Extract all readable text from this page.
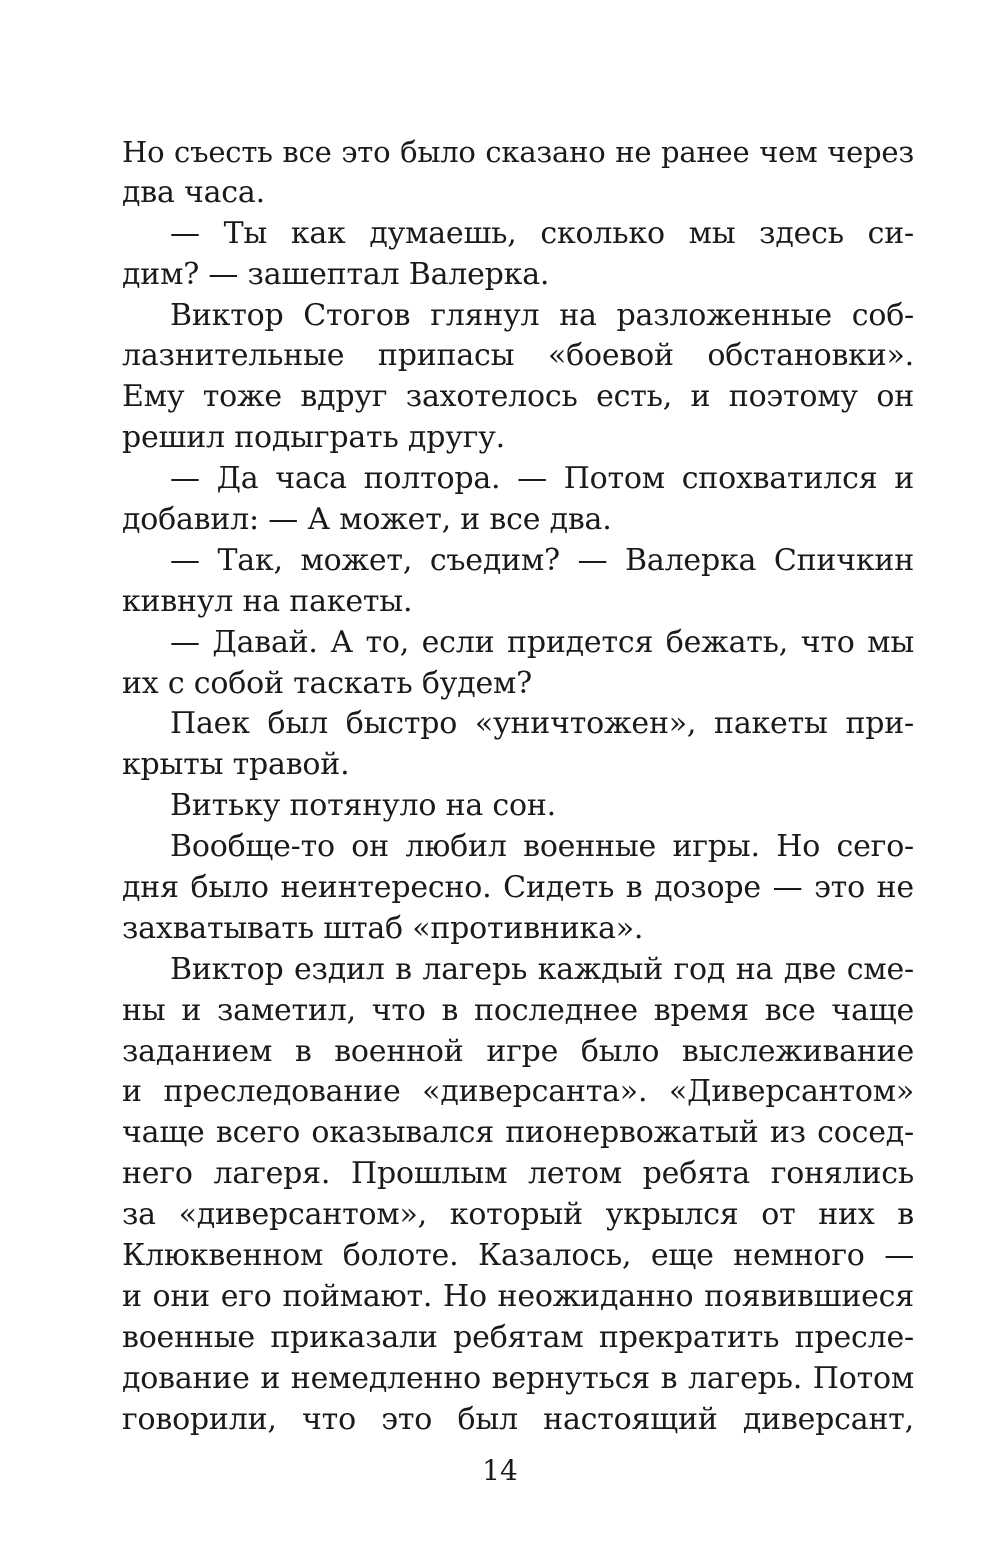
Но съесть все это было сказано не ранее чем через
два часа.
— Ты как думаешь, сколько мы здесь си-
дим? — зашептал Валерка.
Виктор Стогов глянул на разложенные соб-
лазнительные припасы «боевой обстановки».
Ему тоже вдруг захотелось есть, и поэтому он
решил подыграть другу.
— Да часа полтора. — Потом спохватился и
добавил: — А может, и все два.
— Так, может, съедим? — Валерка Спичкин
кивнул на пакеты.
— Давай. А то, если придется бежать, что мы
их с собой таскать будем?
Паек был быстро «уничтожен», пакеты при-
крыты травой.
Витьку потянуло на сон.
Вообще-то он любил военные игры. Но сего-
дня было неинтересно. Сидеть в дозоре — это не
захватывать штаб «противника».
Виктор ездил в лагерь каждый год на две сме-
ны и заметил, что в последнее время все чаще
заданием в военной игре было выслеживание
и преследование «диверсанта». «Диверсантом»
чаще всего оказывался пионервожатый из сосед-
него лагеря. Прошлым летом ребята гонялись
за «диверсантом», который укрылся от них в
Клюквенном болоте. Казалось, еще немного —
и они его поймают. Но неожиданно появившиеся
военные приказали ребятам прекратить пресле-
дование и немедленно вернуться в лагерь. Потом
говорили, что это был настоящий диверсант,
14
